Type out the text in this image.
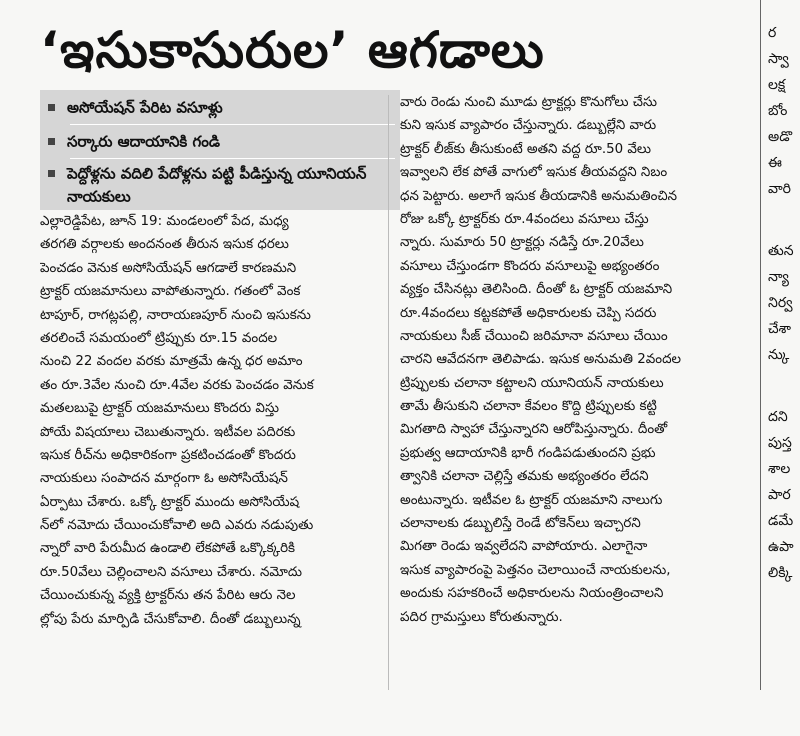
‘ఇసుకాసురుల’ ఆగడాలు	ర
స్వా
లక్ష
బోం
అడొ
ఈ
వారి
తున
న్యా
నిర్వ
చేశా
న్కు
దని
పుస్త
శాల
పార
డమే
ఉపా
లిక్కి
అసోయేషన్ పేరిట వసూళ్లు
సర్కారు ఆదాయానికి గండి
పెద్దోళ్లను వదిలి పేదోళ్లను పట్టి పీడిస్తున్న యూనియన్ నాయకులు
ఎల్లారెడ్డిపేట, జూన్ 19: మండలంలో పేద, మధ్య
తరగతి వర్గాలకు అందనంత తీరున ఇసుక ధరలు
పెంచడం వెనుక అసోసియేషన్ ఆగడాలే కారణమని
ట్రాక్టర్ యజమానులు వాపోతున్నారు. గతంలో వెంక
టాపూర్, రాగట్లపల్లి, నారాయణపూర్ నుంచి ఇసుకను
తరలించే సమయంలో ట్రిప్పుకు రూ.15 వందల
నుంచి 22 వందల వరకు మాత్రమే ఉన్న ధర అమాం
తం రూ.3వేల నుంచి రూ.4వేల వరకు పెంచడం వెనుక
మతలబుపై ట్రాక్టర్ యజమానులు కొందరు విస్తు
పోయే విషయాలు చెబుతున్నారు. ఇటీవల పదిరకు
ఇసుక రీచ్‌ను అధికారికంగా ప్రకటించడంతో కొందరు
నాయకులు సంపాదన మార్గంగా ఓ అసోసియేషన్
ఏర్పాటు చేశారు. ఒక్కో ట్రాక్టర్ ముందు అసోసియేష
న్‌లో నమోదు చేయించుకోవాలి అది ఎవరు నడుపుతు
న్నారో వారి పేరుమీద ఉండాలి లేకపోతే ఒక్కొక్కరికి
రూ.50వేలు చెల్లించాలని వసూలు చేశారు. నమోదు
చేయించుకున్న వ్యక్తి ట్రాక్టర్‌ను తన పేరిట ఆరు నెల
ల్లోపు పేరు మార్పిడి చేసుకోవాలి. దీంతో డబ్బులున్న
వారు రెండు నుంచి మూడు ట్రాక్టర్లు కొనుగోలు చేసు
కుని ఇసుక వ్యాపారం చేస్తున్నారు. డబ్బుల్లేని వారు
ట్రాక్టర్ లీజ్‌కు తీసుకుంటే అతని వద్ద రూ.50 వేలు
ఇవ్వాలని లేక పోతే వాగులో ఇసుక తీయవద్దని నిబం
ధన పెట్టారు. అలాగే ఇసుక తీయడానికి అనుమతించిన
రోజు ఒక్కో ట్రాక్టర్‌కు రూ.4వందలు వసూలు చేస్తు
న్నారు. సుమారు 50 ట్రాక్టర్లు నడిస్తే రూ.20వేలు
వసూలు చేస్తుండగా కొందరు వసూలుపై అభ్యంతరం
వ్యక్తం చేసినట్లు తెలిసింది. దీంతో ఓ ట్రాక్టర్ యజమాని
రూ.4వందలు కట్టకపోతే అధికారులకు చెప్పి సదరు
నాయకులు సీజ్ చేయించి జరిమానా వసూలు చేయిం
చారని ఆవేదనగా తెలిపాడు. ఇసుక అనుమతి 2వందల
ట్రిప్పులకు చలానా కట్టాలని యూనియన్ నాయకులు
తామే తీసుకుని చలానా కేవలం కొద్ది ట్రిప్పులకు కట్టి
మిగతాది స్వాహా చేస్తున్నారని ఆరోపిస్తున్నారు. దీంతో
ప్రభుత్వ ఆదాయానికి భారీ గండిపడుతుందని ప్రభు
త్వానికి చలానా చెల్లిస్తే తమకు అభ్యంతరం లేదని
అంటున్నారు. ఇటీవల ఓ ట్రాక్టర్ యజమాని నాలుగు
చలానాలకు డబ్బులిస్తే రెండే టోకెన్‌లు ఇచ్చారని
మిగతా రెండు ఇవ్వలేదని వాపోయారు. ఎలాగైనా
ఇసుక వ్యాపారంపై పెత్తనం చెలాయించే నాయకులను,
అందుకు సహకరించే అధికారులను నియంత్రించాలని
పదిర గ్రామస్తులు కోరుతున్నారు.
